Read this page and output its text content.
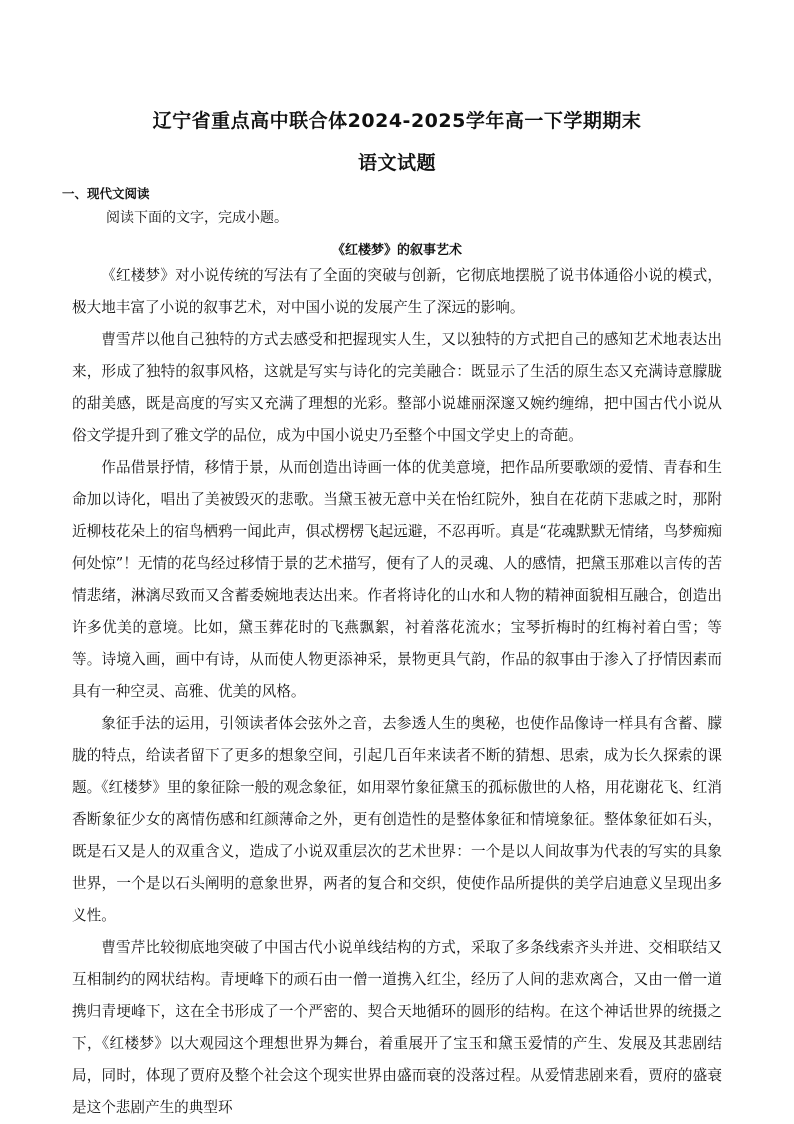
辽宁省重点高中联合体2024-2025学年高一下学期期末
语文试题
一、现代文阅读
阅读下面的文字，完成小题。
《红楼梦》的叙事艺术

《红楼梦》对小说传统的写法有了全面的突破与创新，它彻底地摆脱了说书体通俗小说的模式，极大地丰富了小说的叙事艺术，对中国小说的发展产生了深远的影响。

曹雪芹以他自己独特的方式去感受和把握现实人生，又以独特的方式把自己的感知艺术地表达出来，形成了独特的叙事风格，这就是写实与诗化的完美融合：既显示了生活的原生态又充满诗意朦胧的甜美感，既是高度的写实又充满了理想的光彩。整部小说雄丽深邃又婉约缠绵，把中国古代小说从俗文学提升到了雅文学的品位，成为中国小说史乃至整个中国文学史上的奇葩。

作品借景抒情，移情于景，从而创造出诗画一体的优美意境，把作品所要歌颂的爱情、青春和生命加以诗化，唱出了美被毁灭的悲歌。当黛玉被无意中关在怡红院外，独自在花荫下悲戚之时，那附近柳枝花朵上的宿鸟栖鸦一闻此声，俱忒楞楞飞起远避，不忍再听。真是“花魂默默无情绪，鸟梦痴痴何处惊”！无情的花鸟经过移情于景的艺术描写，便有了人的灵魂、人的感情，把黛玉那难以言传的苦情悲绪，淋漓尽致而又含蓄委婉地表达出来。作者将诗化的山水和人物的精神面貌相互融合，创造出许多优美的意境。比如，黛玉葬花时的飞燕飘絮，衬着落花流水；宝琴折梅时的红梅衬着白雪；等等。诗境入画，画中有诗，从而使人物更添神采，景物更具气韵，作品的叙事由于渗入了抒情因素而具有一种空灵、高雅、优美的风格。

象征手法的运用，引领读者体会弦外之音，去参透人生的奥秘，也使作品像诗一样具有含蓄、朦胧的特点，给读者留下了更多的想象空间，引起几百年来读者不断的猜想、思索，成为长久探索的课题。《红楼梦》里的象征除一般的观念象征，如用翠竹象征黛玉的孤标傲世的人格，用花谢花飞、红消香断象征少女的离情伤感和红颜薄命之外，更有创造性的是整体象征和情境象征。整体象征如石头，既是石又是人的双重含义，造成了小说双重层次的艺术世界：一个是以人间故事为代表的写实的具象世界，一个是以石头阐明的意象世界，两者的复合和交织，使使作品所提供的美学启迪意义呈现出多义性。

曹雪芹比较彻底地突破了中国古代小说单线结构的方式，采取了多条线索齐头并进、交相联结又互相制约的网状结构。青埂峰下的顽石由一僧一道携入红尘，经历了人间的悲欢离合，又由一僧一道携归青埂峰下，这在全书形成了一个严密的、契合天地循环的圆形的结构。在这个神话世界的统摄之下，《红楼梦》以大观园这个理想世界为舞台，着重展开了宝玉和黛玉爱情的产生、发展及其悲剧结局，同时，体现了贾府及整个社会这个现实世界由盛而衰的没落过程。从爱情悲剧来看，贾府的盛衰是这个悲剧产生的典型环
